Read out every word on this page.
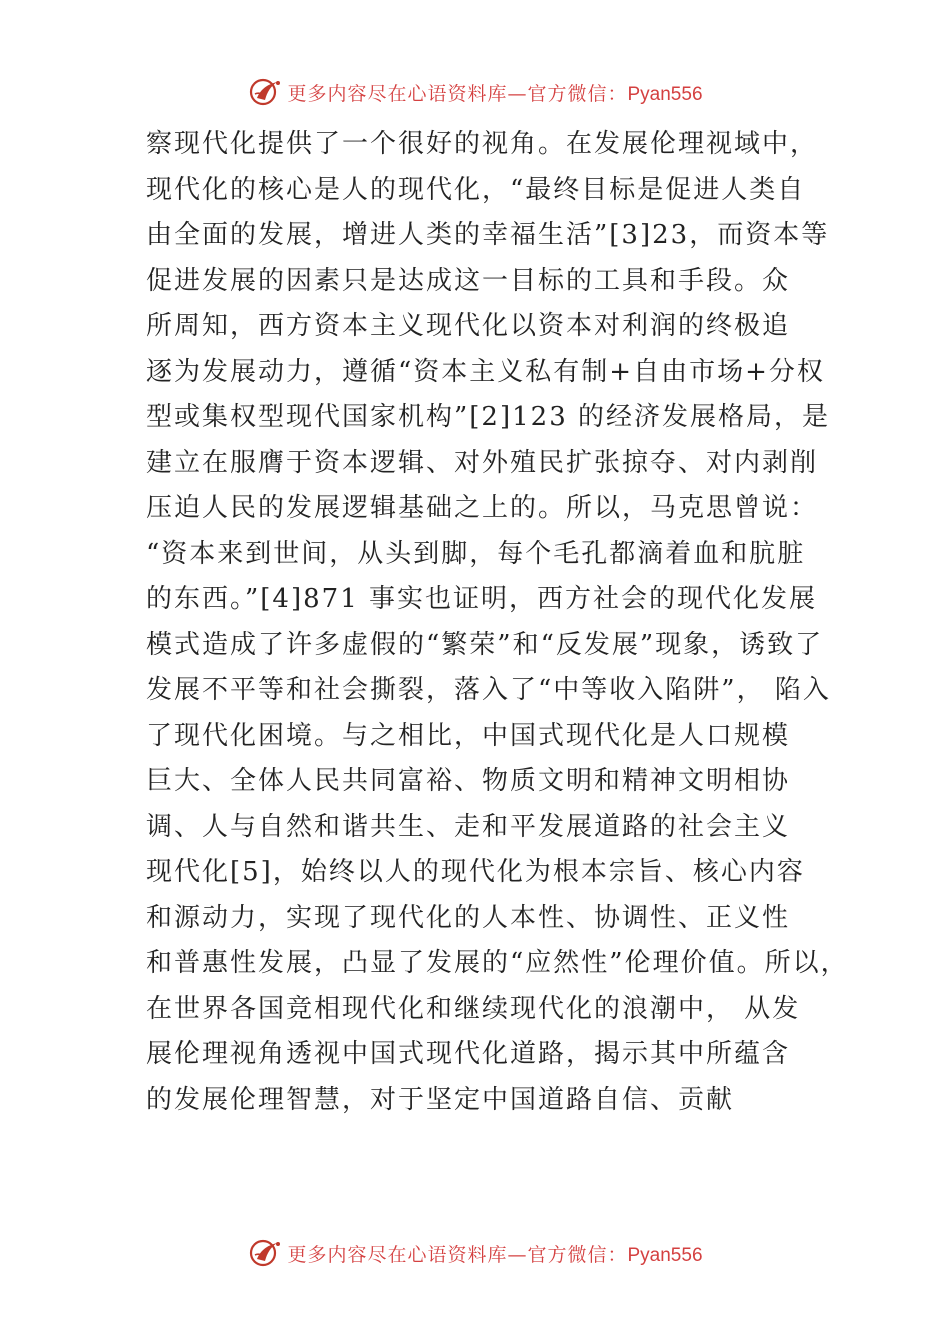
更多内容尽在心语资料库—官方微信：Pyan556
察现代化提供了一个很好的视角。在发展伦理视域中，
现代化的核心是人的现代化，“最终目标是促进人类自
由全面的发展，增进人类的幸福生活”[3]23，而资本等
促进发展的因素只是达成这一目标的工具和手段。众
所周知，西方资本主义现代化以资本对利润的终极追
逐为发展动力，遵循“资本主义私有制+自由市场+分权
型或集权型现代国家机构”[2]123 的经济发展格局，是
建立在服膺于资本逻辑、对外殖民扩张掠夺、对内剥削
压迫人民的发展逻辑基础之上的。所以，马克思曾说：
“资本来到世间，从头到脚，每个毛孔都滴着血和肮脏
的东西。”[4]871 事实也证明，西方社会的现代化发展
模式造成了许多虚假的“繁荣”和“反发展”现象，诱致了
发展不平等和社会撕裂，落入了“中等收入陷阱”， 陷入
了现代化困境。与之相比，中国式现代化是人口规模
巨大、全体人民共同富裕、物质文明和精神文明相协
调、人与自然和谐共生、走和平发展道路的社会主义
现代化[5]，始终以人的现代化为根本宗旨、核心内容
和源动力，实现了现代化的人本性、协调性、正义性
和普惠性发展，凸显了发展的“应然性”伦理价值。所以，
在世界各国竞相现代化和继续现代化的浪潮中， 从发
展伦理视角透视中国式现代化道路，揭示其中所蕴含
的发展伦理智慧，对于坚定中国道路自信、贡献
更多内容尽在心语资料库—官方微信：Pyan556
